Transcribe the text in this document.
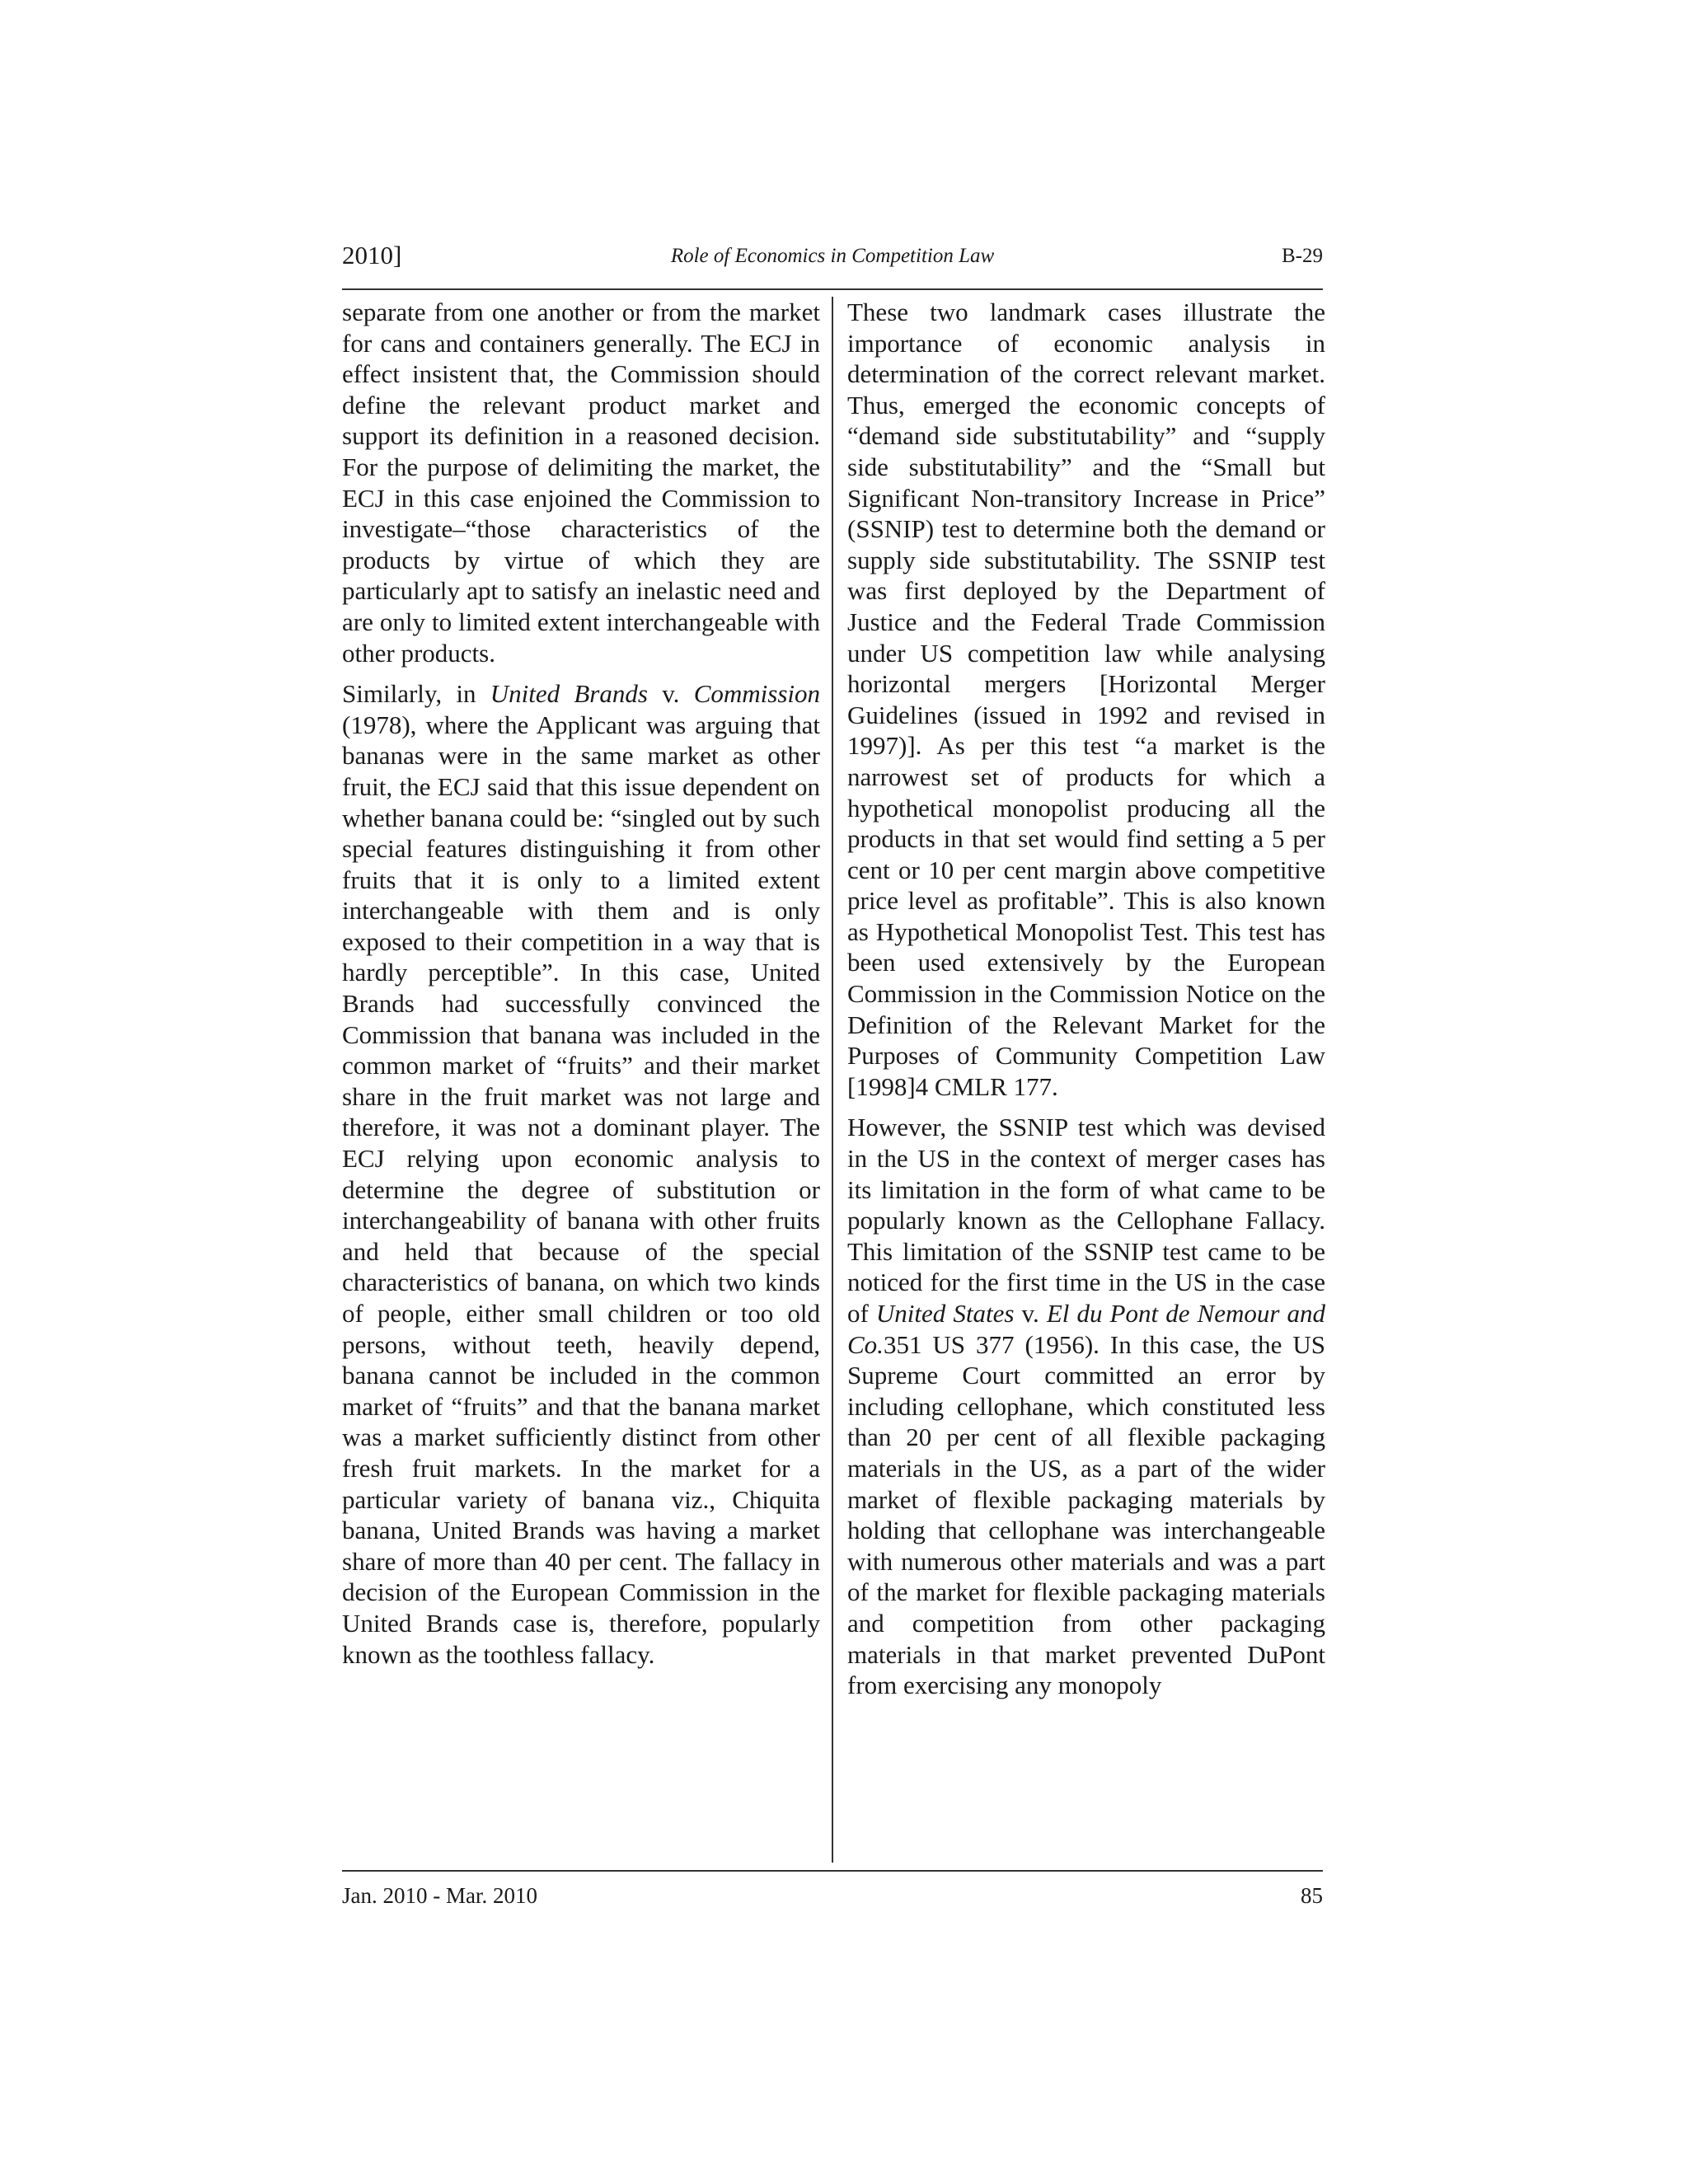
2010]	Role of Economics in Competition Law	B-29

separate from one another or from the market for cans and containers generally. The ECJ in effect insistent that, the Commission should define the relevant product market and support its definition in a reasoned decision. For the purpose of delimiting the market, the ECJ in this case enjoined the Commission to investigate–“those characteristics of the products by virtue of which they are particularly apt to satisfy an inelastic need and are only to limited extent interchangeable with other products.

Similarly, in United Brands v. Commission (1978), where the Applicant was arguing that bananas were in the same market as other fruit, the ECJ said that this issue dependent on whether banana could be: “singled out by such special features distinguishing it from other fruits that it is only to a limited extent interchangeable with them and is only exposed to their competition in a way that is hardly perceptible”. In this case, United Brands had successfully convinced the Commission that banana was included in the common market of “fruits” and their market share in the fruit market was not large and therefore, it was not a dominant player. The ECJ relying upon economic analysis to determine the degree of substitution or interchangeability of banana with other fruits and held that because of the special characteristics of banana, on which two kinds of people, either small children or too old persons, without teeth, heavily depend, banana cannot be included in the common market of “fruits” and that the banana market was a market sufficiently distinct from other fresh fruit markets. In the market for a particular variety of banana viz., Chiquita banana, United Brands was having a market share of more than 40 per cent. The fallacy in decision of the European Commission in the United Brands case is, therefore, popularly known as the toothless fallacy.

These two landmark cases illustrate the importance of economic analysis in determination of the correct relevant market. Thus, emerged the economic concepts of “demand side substitutability” and “supply side substitutability” and the “Small but Significant Non-transitory Increase in Price” (SSNIP) test to determine both the demand or supply side substitutability. The SSNIP test was first deployed by the Department of Justice and the Federal Trade Commission under US competition law while analysing horizontal mergers [Horizontal Merger Guidelines (issued in 1992 and revised in 1997)]. As per this test “a market is the narrowest set of products for which a hypothetical monopolist producing all the products in that set would find setting a 5 per cent or 10 per cent margin above competitive price level as profitable”. This is also known as Hypothetical Monopolist Test. This test has been used extensively by the European Commission in the Commission Notice on the Definition of the Relevant Market for the Purposes of Community Competition Law [1998]4 CMLR 177.

However, the SSNIP test which was devised in the US in the context of merger cases has its limitation in the form of what came to be popularly known as the Cellophane Fallacy. This limitation of the SSNIP test came to be noticed for the first time in the US in the case of United States v. El du Pont de Nemour and Co.351 US 377 (1956). In this case, the US Supreme Court committed an error by including cellophane, which constituted less than 20 per cent of all flexible packaging materials in the US, as a part of the wider market of flexible packaging materials by holding that cellophane was interchangeable with numerous other materials and was a part of the market for flexible packaging materials and competition from other packaging materials in that market prevented DuPont from exercising any monopoly

Jan. 2010 - Mar. 2010	85
